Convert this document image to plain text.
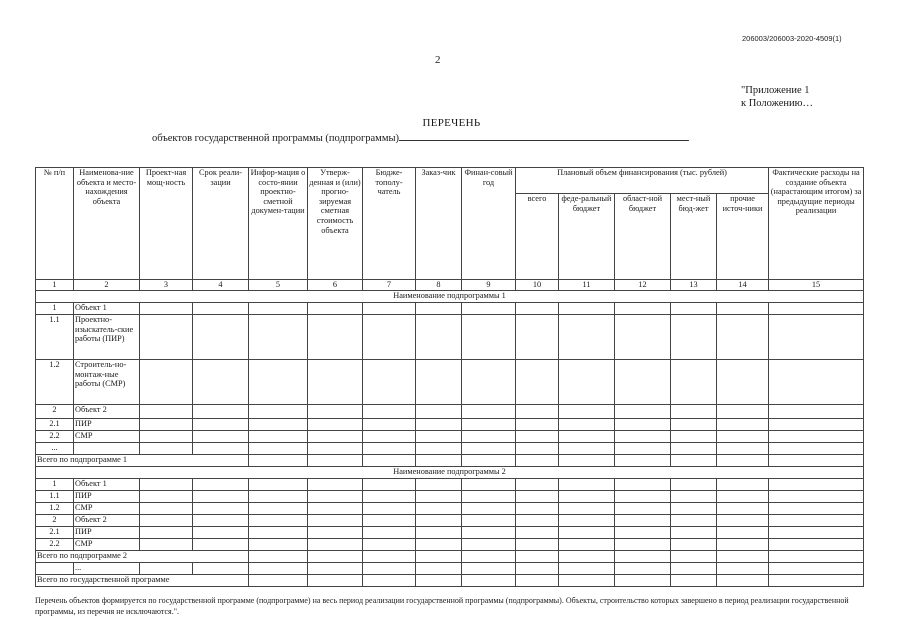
206003/206003-2020-4509(1)
2
"Приложение 1
к Положению…
ПЕРЕЧЕНЬ
объектов государственной программы (подпрограммы)
№ п/п	Наименова-ние объекта и место-нахождения объекта	Проект-ная мощ-ность	Срок реали-зации	Инфор-мация о состо-янии проектно-сметной докумен-тации	Утверж-денная и (или) прогно-зируемая сметная стоимость объекта	Бюдже-тополу-чатель	Заказ-чик	Финан-совый год	Плановый объем финансирования (тыс. рублей)					Фактические расходы на создание объекта (нарастающим итогом) за предыдущие периоды реализации
									всего	феде-ральный бюджет	област-ной бюджет	мест-ный бюд-жет	прочие источ-ники	
1	2	3	4	5	6	7	8	9	10	11	12	13	14	15
Наименование подпрограммы 1														
1	Объект 1													
1.1	Проектно-изыскатель-ские работы (ПИР)													
1.2	Строитель-но-монтаж-ные работы (СМР)													
2	Объект 2													
2.1	ПИР													
2.2	СМР													
...														
Всего по подпрограмме 1														
Наименование подпрограммы 2														
1	Объект 1													
1.1	ПИР													
1.2	СМР													
2	Объект 2													
2.1	ПИР													
2.2	СМР													
Всего по подпрограмме 2														
	...													
Всего по государственной программе														
Перечень объектов формируется по государственной программе (подпрограмме) на весь период реализации государственной программы (подпрограммы). Объекты, строительство которых завершено в период реализации государственной программы, из перечня не исключаются.".
